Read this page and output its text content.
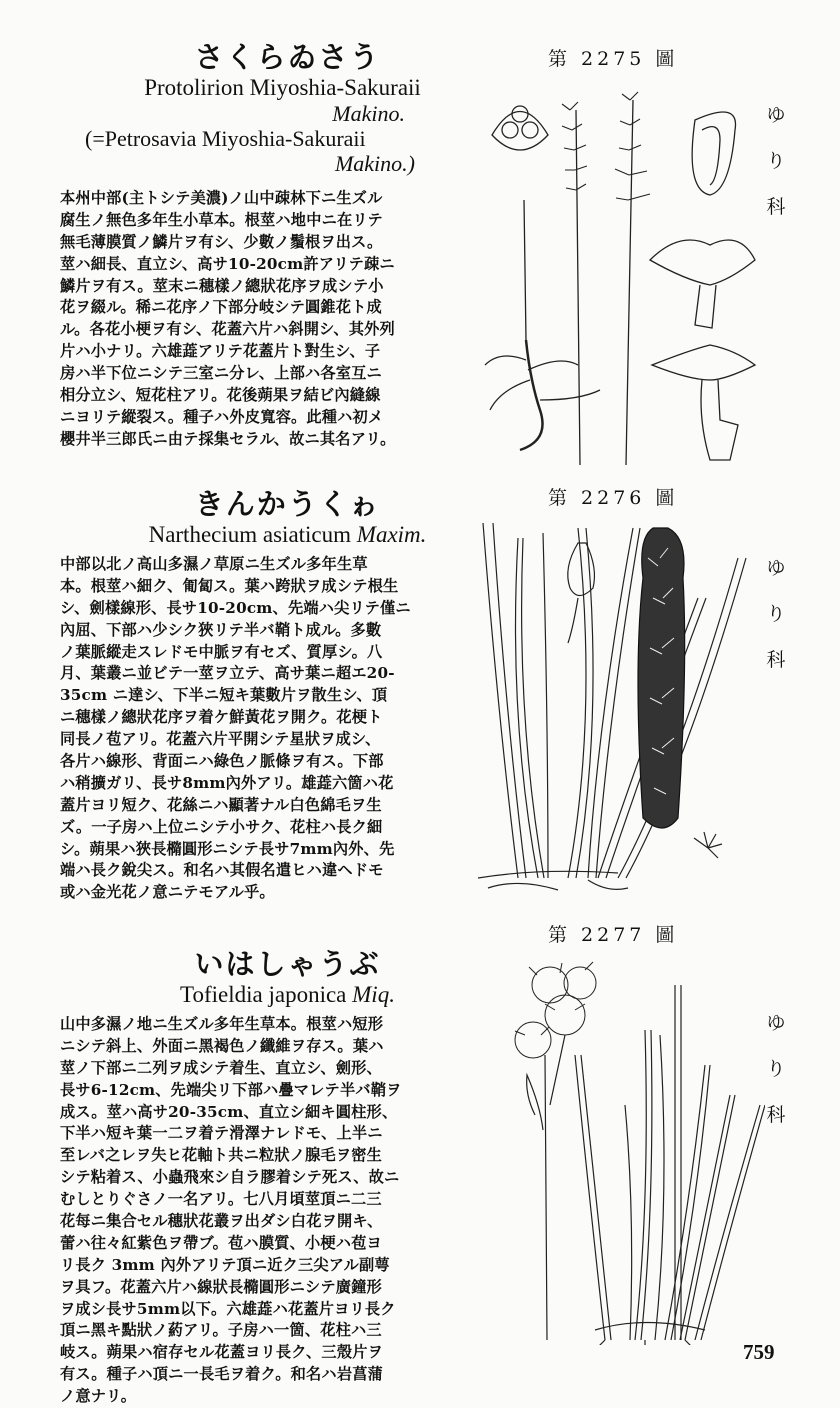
さくらゐさう
Protolirion Miyoshia-Sakuraii
Makino.
(=Petrosavia Miyoshia-Sakuraii
Makino.)
本州中部(主トシテ美濃)ノ山中疎林下ニ生ズル
腐生ノ無色多年生小草本。根莖ハ地中ニ在リテ
無毛薄膜質ノ鱗片ヲ有シ、少數ノ鬚根ヲ出ス。
莖ハ細長、直立シ、高サ10-20cm許アリテ疎ニ
鱗片ヲ有ス。莖末ニ穗樣ノ總狀花序ヲ成シテ小
花ヲ綴ル。稀ニ花序ノ下部分岐シテ圓錐花ト成
ル。各花小梗ヲ有シ、花蓋六片ハ斜開シ、其外列
片ハ小ナリ。六雄蕋アリテ花蓋片ト對生シ、子
房ハ半下位ニシテ三室ニ分レ、上部ハ各室互ニ
相分立シ、短花柱アリ。花後蒴果ヲ結ビ內縫線
ニヨリテ縱裂ス。種子ハ外皮寬容。此種ハ初メ
櫻井半三郎氏ニ由テ採集セラル、故ニ其名アリ。
第 2275 圖
ゆ
り
科
きんかうくゎ
Narthecium asiaticum Maxim.
中部以北ノ高山多濕ノ草原ニ生ズル多年生草
本。根莖ハ細ク、匍匐ス。葉ハ跨狀ヲ成シテ根生
シ、劍樣線形、長サ10-20cm、先端ハ尖リテ僅ニ
內屈、下部ハ少シク狹リテ半バ鞘ト成ル。多數
ノ葉脈縱走スレドモ中脈ヲ有セズ、質厚シ。八
月、葉叢ニ並ビテ一莖ヲ立テ、高サ葉ニ超エ20-
35cm ニ達シ、下半ニ短キ葉數片ヲ散生シ、頂
ニ穗樣ノ總狀花序ヲ着ケ鮮黃花ヲ開ク。花梗ト
同長ノ苞アリ。花蓋六片平開シテ星狀ヲ成シ、
各片ハ線形、背面ニハ綠色ノ脈條ヲ有ス。下部
ハ稍擴ガリ、長サ8mm內外アリ。雄蕋六箇ハ花
蓋片ヨリ短ク、花絲ニハ顯著ナル白色綿毛ヲ生
ズ。一子房ハ上位ニシテ小サク、花柱ハ長ク細
シ。蒴果ハ狹長橢圓形ニシテ長サ7mm內外、先
端ハ長ク銳尖ス。和名ハ其假名遣ヒハ違ヘドモ
或ハ金光花ノ意ニテモアル乎。
第 2276 圖
ゆ
り
科
いはしゃうぶ
Tofieldia japonica Miq.
山中多濕ノ地ニ生ズル多年生草本。根莖ハ短形
ニシテ斜上、外面ニ黑褐色ノ纖維ヲ存ス。葉ハ
莖ノ下部ニ二列ヲ成シテ着生、直立シ、劍形、
長サ6-12cm、先端尖リ下部ハ疊マレテ半バ鞘ヲ
成ス。莖ハ高サ20-35cm、直立シ細キ圓柱形、
下半ハ短キ葉一二ヲ着テ滑澤ナレドモ、上半ニ
至レバ之レヲ失ヒ花軸ト共ニ粒狀ノ腺毛ヲ密生
シテ粘着ス、小蟲飛來シ自ラ膠着シテ死ス、故ニ
むしとりぐさノ一名アリ。七八月頃莖頂ニ二三
花每ニ集合セル穗狀花叢ヲ出ダシ白花ヲ開キ、
蕾ハ往々紅紫色ヲ帶ブ。苞ハ膜質、小梗ハ苞ヨ
リ長ク 3mm 內外アリテ頂ニ近ク三尖アル副萼
ヲ具フ。花蓋六片ハ線狀長橢圓形ニシテ廣鐘形
ヲ成シ長サ5mm以下。六雄蕋ハ花蓋片ヨリ長ク
頂ニ黑キ點狀ノ葯アリ。子房ハ一箇、花柱ハ三
岐ス。蒴果ハ宿存セル花蓋ヨリ長ク、三殼片ヲ
有ス。種子ハ頂ニ一長毛ヲ着ク。和名ハ岩菖蒲
ノ意ナリ。
第 2277 圖
ゆ
り
科
759
